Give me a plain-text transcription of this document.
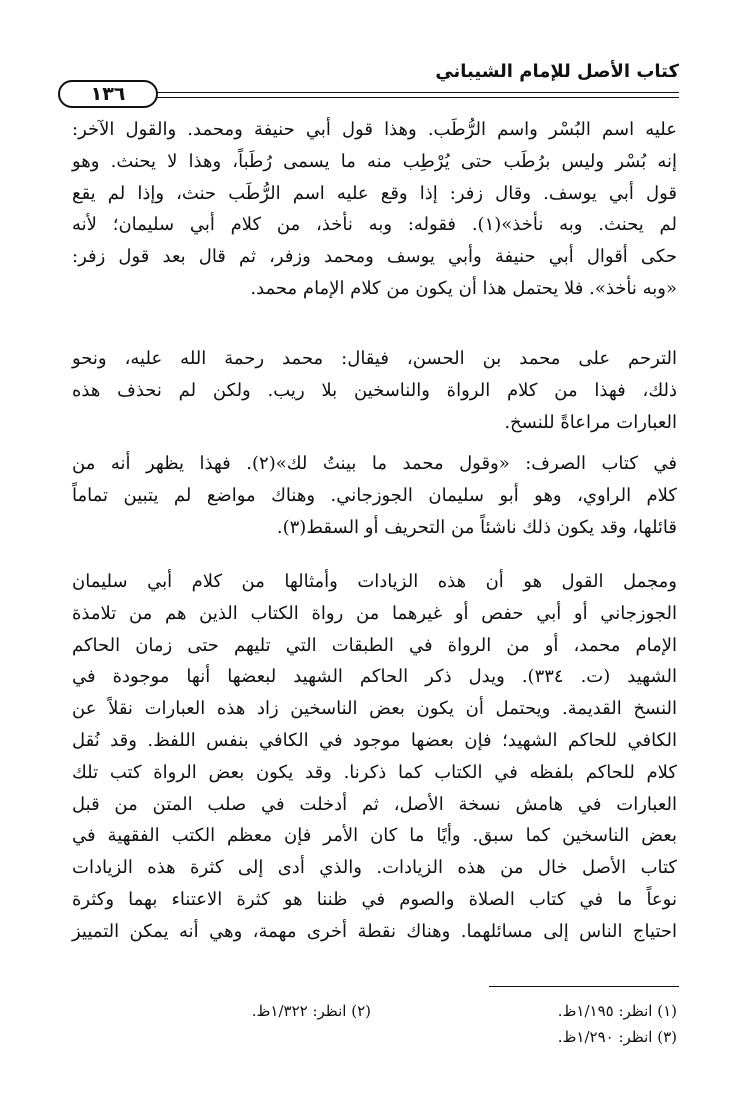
كتاب الأصل للإمام الشيباني
١٣٦
عليه اسم البُسْر واسم الرُّطَب. وهذا قول أبي حنيفة ومحمد. والقول الآخر:
إنه بُسْر وليس برُطَب حتى يُرْطِب منه ما يسمى رُطَباً، وهذا لا يحنث. وهو
قول أبي يوسف. وقال زفر: إذا وقع عليه اسم الرُّطَب حنث، وإذا لم يقع
لم يحنث. وبه نأخذ»(١). فقوله: وبه نأخذ، من كلام أبي سليمان؛ لأنه
حكى أقوال أبي حنيفة وأبي يوسف ومحمد وزفر، ثم قال بعد قول زفر:
«وبه نأخذ». فلا يحتمل هذا أن يكون من كلام الإمام محمد.
الترحم على محمد بن الحسن، فيقال: محمد رحمة الله عليه، ونحو
ذلك، فهذا من كلام الرواة والناسخين بلا ريب. ولكن لم نحذف هذه
العبارات مراعاةً للنسخ.
في كتاب الصرف: «وقول محمد ما بينتُ لك»(٢). فهذا يظهر أنه من
كلام الراوي، وهو أبو سليمان الجوزجاني. وهناك مواضع لم يتبين تماماً
قائلها، وقد يكون ذلك ناشئاً من التحريف أو السقط(٣).
ومجمل القول هو أن هذه الزيادات وأمثالها من كلام أبي سليمان
الجوزجاني أو أبي حفص أو غيرهما من رواة الكتاب الذين هم من تلامذة
الإمام محمد، أو من الرواة في الطبقات التي تليهم حتى زمان الحاكم
الشهيد (ت. ٣٣٤). ويدل ذكر الحاكم الشهيد لبعضها أنها موجودة في
النسخ القديمة. ويحتمل أن يكون بعض الناسخين زاد هذه العبارات نقلاً عن
الكافي للحاكم الشهيد؛ فإن بعضها موجود في الكافي بنفس اللفظ. وقد نُقل
كلام للحاكم بلفظه في الكتاب كما ذكرنا. وقد يكون بعض الرواة كتب تلك
العبارات في هامش نسخة الأصل، ثم أدخلت في صلب المتن من قبل
بعض الناسخين كما سبق. وأيًا ما كان الأمر فإن معظم الكتب الفقهية في
كتاب الأصل خال من هذه الزيادات. والذي أدى إلى كثرة هذه الزيادات
نوعاً ما في كتاب الصلاة والصوم في ظننا هو كثرة الاعتناء بهما وكثرة
احتياج الناس إلى مسائلهما. وهناك نقطة أخرى مهمة، وهي أنه يمكن التمييز
(١) انظر: ١/١٩٥ظ.
(٢) انظر: ١/٣٢٢ظ.
(٣) انظر: ١/٢٩٠ظ.
